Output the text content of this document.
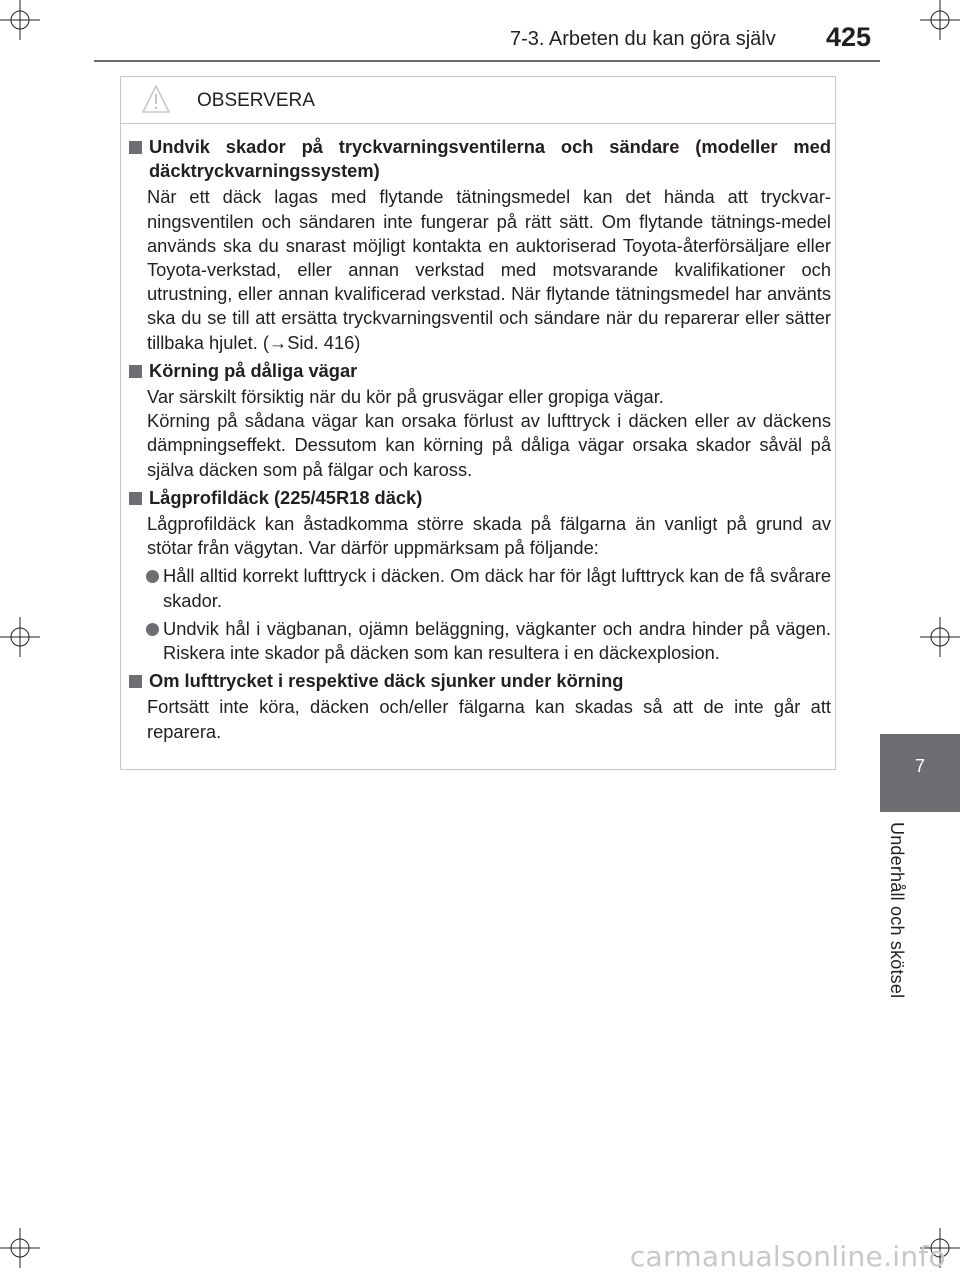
7-3. Arbeten du kan göra själv 425
7
Underhåll och skötsel
OBSERVERA
Undvik skador på tryckvarningsventilerna och sändare (modeller med däcktryckvarningssystem)
När ett däck lagas med flytande tätningsmedel kan det hända att tryckvar-ningsventilen och sändaren inte fungerar på rätt sätt. Om flytande tätnings-medel används ska du snarast möjligt kontakta en auktoriserad Toyota-återförsäljare eller Toyota-verkstad, eller annan verkstad med motsvarande kvalifikationer och utrustning, eller annan kvalificerad verkstad. När flytande tätningsmedel har använts ska du se till att ersätta tryckvarningsventil och sändare när du reparerar eller sätter tillbaka hjulet. (→Sid. 416)
Körning på dåliga vägar
Var särskilt försiktig när du kör på grusvägar eller gropiga vägar.
Körning på sådana vägar kan orsaka förlust av lufttryck i däcken eller av däckens dämpningseffekt. Dessutom kan körning på dåliga vägar orsaka skador såväl på själva däcken som på fälgar och kaross.
Lågprofildäck (225/45R18 däck)
Lågprofildäck kan åstadkomma större skada på fälgarna än vanligt på grund av stötar från vägytan. Var därför uppmärksam på följande:
Håll alltid korrekt lufttryck i däcken. Om däck har för lågt lufttryck kan de få svårare skador.
Undvik hål i vägbanan, ojämn beläggning, vägkanter och andra hinder på vägen. Riskera inte skador på däcken som kan resultera i en däckexplosion.
Om lufttrycket i respektive däck sjunker under körning
Fortsätt inte köra, däcken och/eller fälgarna kan skadas så att de inte går att reparera.
carmanualsonline.info
